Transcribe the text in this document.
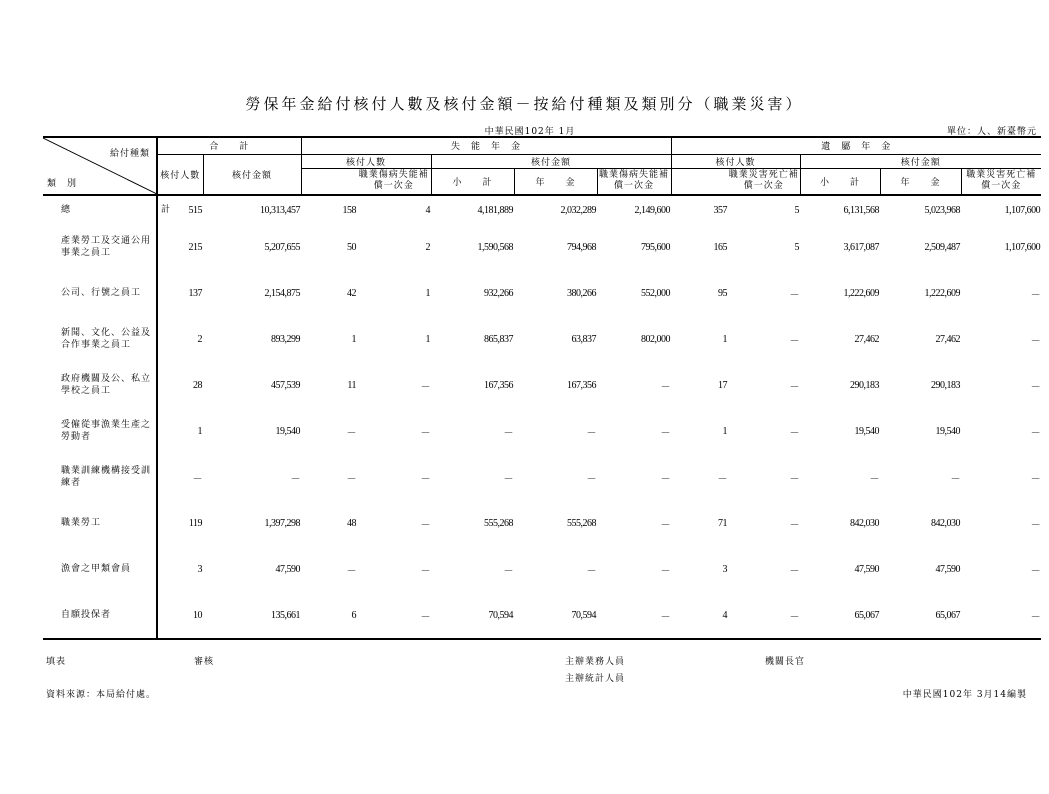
勞保年金給付核付人數及核付金額－按給付種類及類別分（職業災害）
中華民國102年 1月	單位：人、新臺幣元
給付種類
類　別	合　　計		失　能　年　金					遺　屬　年　金				
	核付人數	核付金額	核付人數		核付金額			核付人數		核付金額		
				職業傷病失能補償一次金	小　　計	年　　金	職業傷病失能補償一次金		職業災害死亡補償一次金	小　　計	年　　金	職業災害死亡補償一次金
總　　　　　　　　　計	515	10,313,457	158	4	4,181,889	2,032,289	2,149,600	357	5	6,131,568	5,023,968	1,107,600
產業勞工及交通公用事業之員工	215	5,207,655	50	2	1,590,568	794,968	795,600	165	5	3,617,087	2,509,487	1,107,600
公司、行號之員工	137	2,154,875	42	1	932,266	380,266	552,000	95	－	1,222,609	1,222,609	－
新聞、文化、公益及合作事業之員工	2	893,299	1	1	865,837	63,837	802,000	1	－	27,462	27,462	－
政府機關及公、私立學校之員工	28	457,539	11	－	167,356	167,356	－	17	－	290,183	290,183	－
受僱從事漁業生產之勞動者	1	19,540	－	－	－	－	－	1	－	19,540	19,540	－
職業訓練機構接受訓練者	－	－	－	－	－	－	－	－	－	－	－	－
職業勞工	119	1,397,298	48	－	555,268	555,268	－	71	－	842,030	842,030	－
漁會之甲類會員	3	47,590	－	－	－	－	－	3	－	47,590	47,590	－
自願投保者	10	135,661	6	－	70,594	70,594	－	4	－	65,067	65,067	－
填表	審核	主辦業務人員
主辦統計人員
機關長官
資料來源：本局給付處。	中華民國102年 3月14編製
